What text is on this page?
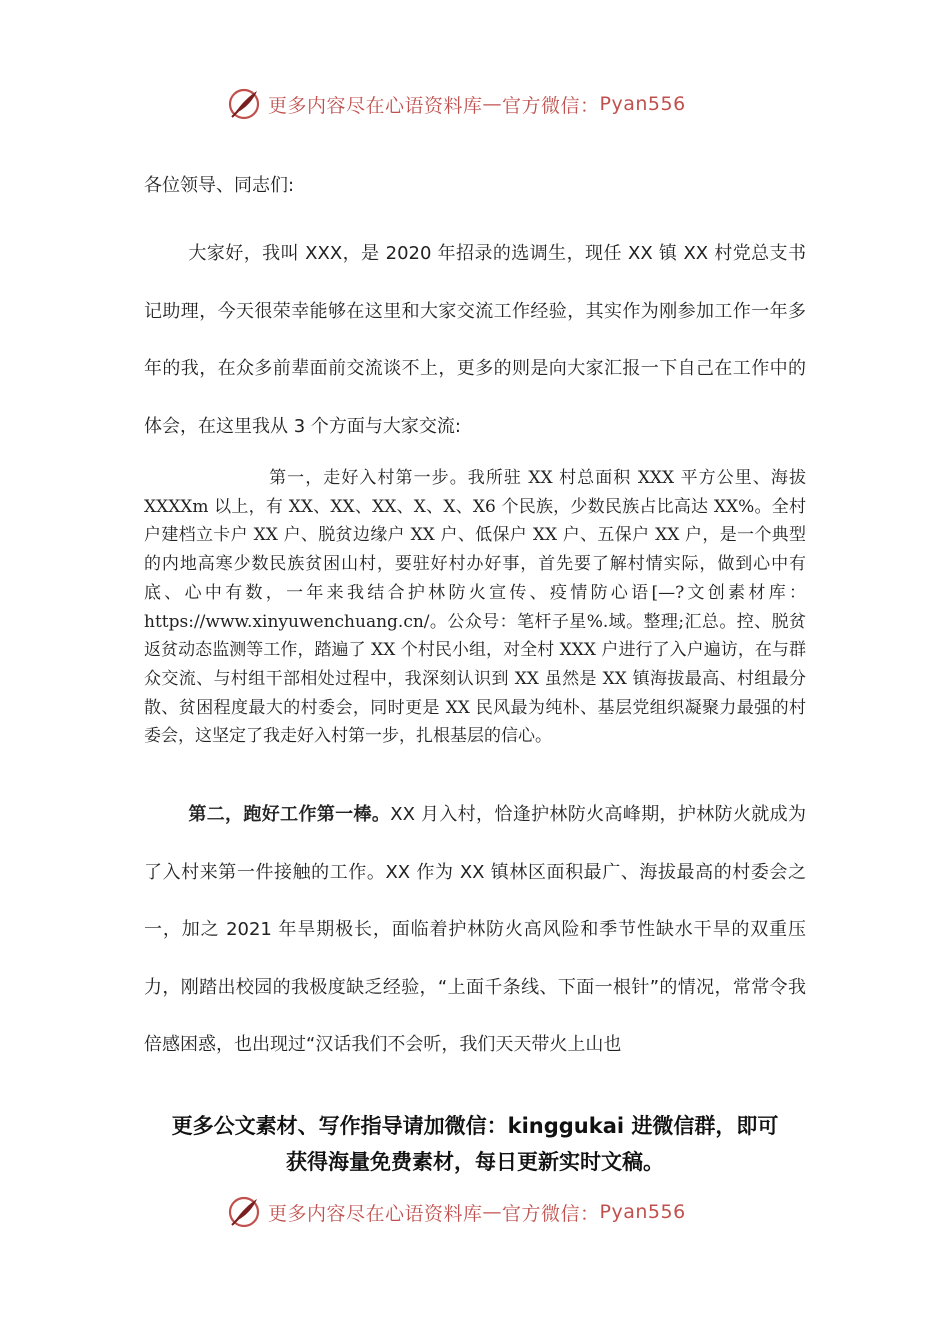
更多内容尽在心语资料库 — 官方微信： Pyan556
各位领导、同志们:

大家好，我叫 XXX，是 2020 年招录的选调生，现任 XX 镇 XX 村党总支书记助理，今天很荣幸能够在这里和大家交流工作经验，其实作为刚参加工作一年多年的我，在众多前辈面前交流谈不上，更多的则是向大家汇报一下自己在工作中的体会，在这里我从 3 个方面与大家交流:

第一，走好入村第一步。我所驻 XX 村总面积 XXX 平方公里、海拔 XXXXm 以上，有 XX、XX、XX、X、X、X6 个民族，少数民族占比高达 XX%。全村户建档立卡户 XX 户、脱贫边缘户 XX 户、低保户 XX 户、五保户 XX 户，是一个典型的内地高寒少数民族贫困山村，要驻好村办好事，首先要了解村情实际，做到心中有底、心中有数，一年来我结合护林防火宣传、疫情防心语[—?文创素材库：https://www.xinyuwenchuang.cn/。公众号：笔杆子星%.域。整理;汇总。控、脱贫返贫动态监测等工作，踏遍了 XX 个村民小组，对全村 XXX 户进行了入户遍访，在与群众交流、与村组干部相处过程中，我深刻认识到 XX 虽然是 XX 镇海拔最高、村组最分散、贫困程度最大的村委会，同时更是 XX 民风最为纯朴、基层党组织凝聚力最强的村委会，这坚定了我走好入村第一步，扎根基层的信心。

第二，跑好工作第一棒。XX 月入村，恰逢护林防火高峰期，护林防火就成为了入村来第一件接触的工作。XX 作为 XX 镇林区面积最广、海拔最高的村委会之一，加之 2021 年旱期极长，面临着护林防火高风险和季节性缺水干旱的双重压力，刚踏出校园的我极度缺乏经验，“上面千条线、下面一根针”的情况，常常令我倍感困惑，也出现过“汉话我们不会听，我们天天带火上山也

更多公文素材、写作指导请加微信：kinggukai 进微信群，即可
获得海量免费素材，每日更新实时文稿。
更多内容尽在心语资料库 — 官方微信： Pyan556
